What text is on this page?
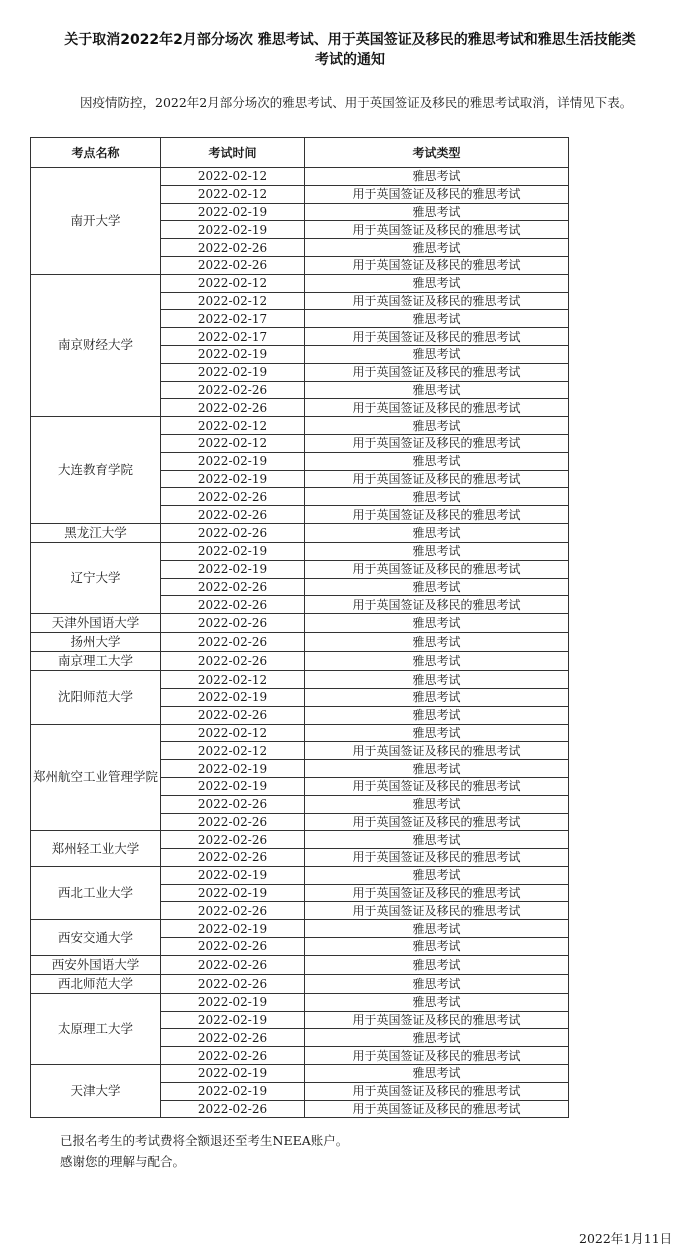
关于取消2022年2月部分场次 雅思考试、用于英国签证及移民的雅思考试和雅思生活技能类
考试的通知
因疫情防控，2022年2月部分场次的雅思考试、用于英国签证及移民的雅思考试取消，详情见下表。
考点名称	考试时间	考试类型
南开大学	2022-02-12	雅思考试
	2022-02-12	用于英国签证及移民的雅思考试
	2022-02-19	雅思考试
	2022-02-19	用于英国签证及移民的雅思考试
	2022-02-26	雅思考试
	2022-02-26	用于英国签证及移民的雅思考试
南京财经大学	2022-02-12	雅思考试
	2022-02-12	用于英国签证及移民的雅思考试
	2022-02-17	雅思考试
	2022-02-17	用于英国签证及移民的雅思考试
	2022-02-19	雅思考试
	2022-02-19	用于英国签证及移民的雅思考试
	2022-02-26	雅思考试
	2022-02-26	用于英国签证及移民的雅思考试
大连教育学院	2022-02-12	雅思考试
	2022-02-12	用于英国签证及移民的雅思考试
	2022-02-19	雅思考试
	2022-02-19	用于英国签证及移民的雅思考试
	2022-02-26	雅思考试
	2022-02-26	用于英国签证及移民的雅思考试
黑龙江大学	2022-02-26	雅思考试
辽宁大学	2022-02-19	雅思考试
	2022-02-19	用于英国签证及移民的雅思考试
	2022-02-26	雅思考试
	2022-02-26	用于英国签证及移民的雅思考试
天津外国语大学	2022-02-26	雅思考试
扬州大学	2022-02-26	雅思考试
南京理工大学	2022-02-26	雅思考试
沈阳师范大学	2022-02-12	雅思考试
	2022-02-19	雅思考试
	2022-02-26	雅思考试
郑州航空工业管理学院	2022-02-12	雅思考试
	2022-02-12	用于英国签证及移民的雅思考试
	2022-02-19	雅思考试
	2022-02-19	用于英国签证及移民的雅思考试
	2022-02-26	雅思考试
	2022-02-26	用于英国签证及移民的雅思考试
郑州轻工业大学	2022-02-26	雅思考试
	2022-02-26	用于英国签证及移民的雅思考试
西北工业大学	2022-02-19	雅思考试
	2022-02-19	用于英国签证及移民的雅思考试
	2022-02-26	用于英国签证及移民的雅思考试
西安交通大学	2022-02-19	雅思考试
	2022-02-26	雅思考试
西安外国语大学	2022-02-26	雅思考试
西北师范大学	2022-02-26	雅思考试
太原理工大学	2022-02-19	雅思考试
	2022-02-19	用于英国签证及移民的雅思考试
	2022-02-26	雅思考试
	2022-02-26	用于英国签证及移民的雅思考试
天津大学	2022-02-19	雅思考试
	2022-02-19	用于英国签证及移民的雅思考试
	2022-02-26	用于英国签证及移民的雅思考试
已报名考生的考试费将全额退还至考生NEEA账户。
感谢您的理解与配合。
2022年1月11日
